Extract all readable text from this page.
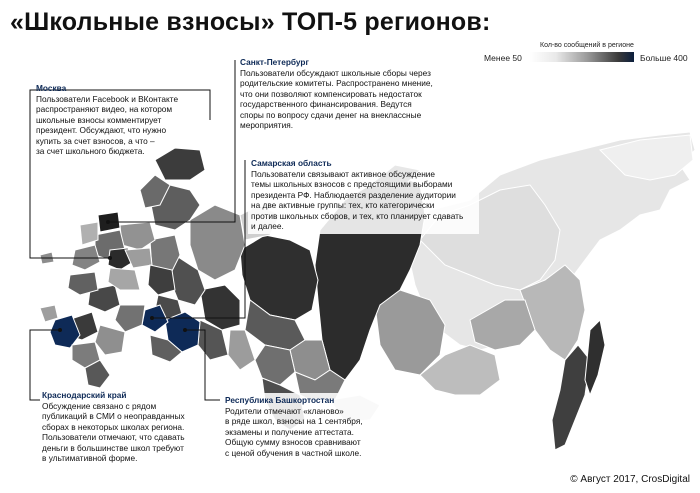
«Школьные взносы» ТОП-5 регионов:
Кол-во сообщений в регионе
Менее 50	Больше 400
Москва
Пользователи Facebook и ВКонтакте
распространяют видео, на котором
школьные взносы комментирует
президент. Обсуждают, что нужно
купить за счет взносов, а что –
за счет школьного бюджета.
Санкт-Петербург
Пользователи обсуждают школьные сборы через
родительские комитеты. Распространено мнение,
что они позволяют компенсировать недостаток
государственного финансирования. Ведутся
споры по вопросу сдачи денег на внеклассные
мероприятия.
Самарская область
Пользователи связывают активное обсуждение
темы школьных взносов с предстоящими выборами
президента РФ. Наблюдается разделение аудитории
на две активные группы: тех, кто категорически
против школьных сборов, и тех, кто планирует сдавать
и далее.
Краснодарский край
Обсуждение связано с рядом
публикаций в СМИ о неоправданных
сборах в некоторых школах региона.
Пользователи отмечают, что сдавать
деньги в большинстве школ требуют
в ультимативной форме.
Республика Башкортостан
Родители отмечают «кланово»
в ряде школ, взносы на 1 сентября,
экзамены и получение аттестата.
Общую сумму взносов сравнивают
с ценой обучения в частной школе.
© Август 2017, CrosDigital
